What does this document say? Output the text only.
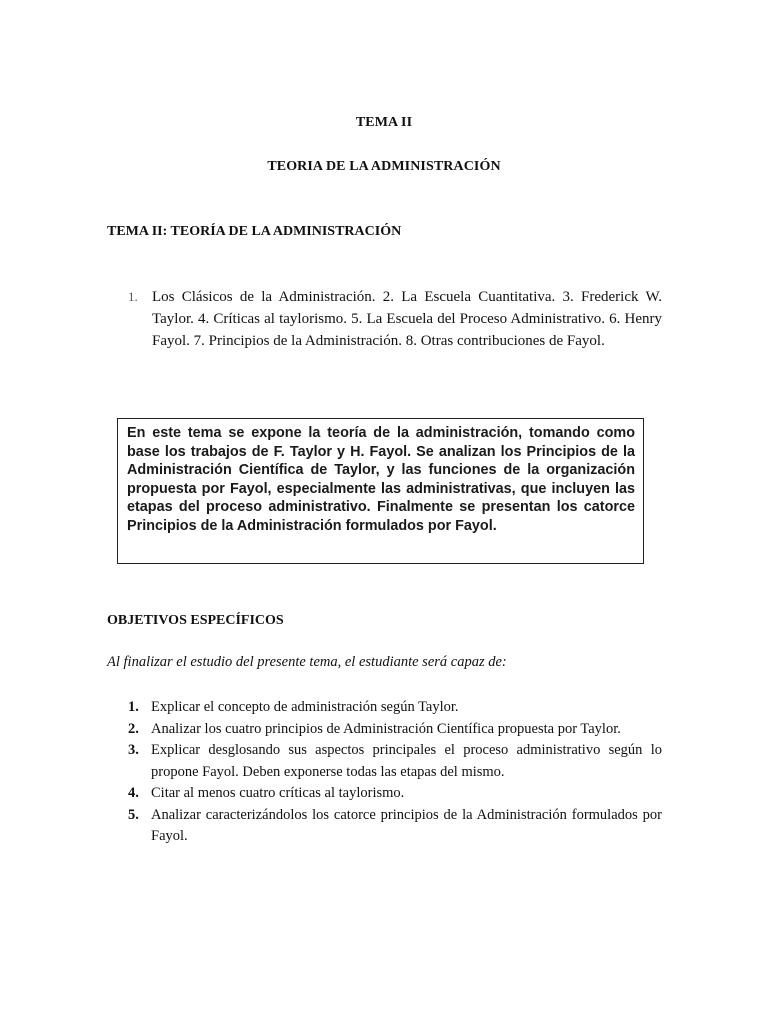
TEMA II
TEORIA DE LA ADMINISTRACIÓN
TEMA II: TEORÍA DE LA ADMINISTRACIÓN
1. Los Clásicos de la Administración. 2. La Escuela Cuantitativa. 3. Frederick W. Taylor. 4. Críticas al taylorismo. 5. La Escuela del Proceso Administrativo. 6. Henry Fayol. 7. Principios de la Administración. 8. Otras contribuciones de Fayol.

En este tema se expone la teoría de la administración, tomando como base los trabajos de F. Taylor y H. Fayol. Se analizan los Principios de la Administración Científica de Taylor, y las funciones de la organización propuesta por Fayol, especialmente las administrativas, que incluyen las etapas del proceso administrativo. Finalmente se presentan los catorce Principios de la Administración formulados por Fayol.

OBJETIVOS ESPECÍFICOS
Al finalizar el estudio del presente tema, el estudiante será capaz de:
1. Explicar el concepto de administración según Taylor.
2. Analizar los cuatro principios de Administración Científica propuesta por Taylor.
3. Explicar desglosando sus aspectos principales el proceso administrativo según lo propone Fayol. Deben exponerse todas las etapas del mismo.
4. Citar al menos cuatro críticas al taylorismo.
5. Analizar caracterizándolos los catorce principios de la Administración formulados por Fayol.
